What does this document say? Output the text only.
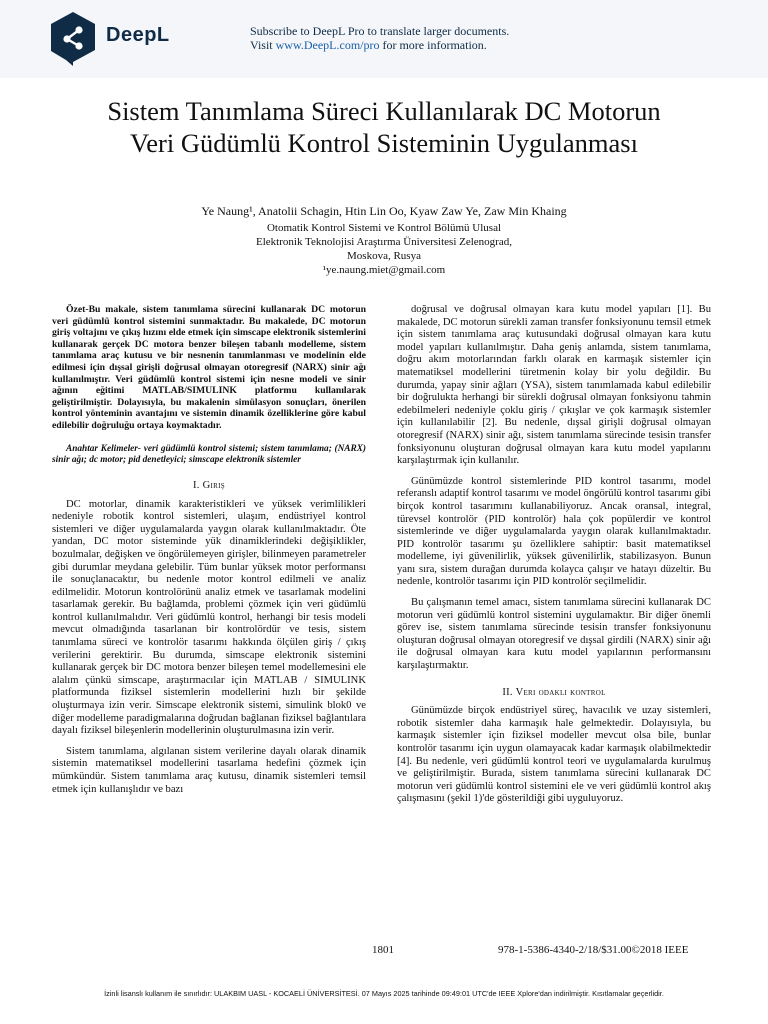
DeepL	Subscribe to DeepL Pro to translate larger documents.
Visit www.DeepL.com/pro for more information.
Sistem Tanımlama Süreci Kullanılarak DC Motorun
Veri Güdümlü Kontrol Sisteminin Uygulanması
Ye Naung¹, Anatolii Schagin, Htin Lin Oo, Kyaw Zaw Ye, Zaw Min Khaing
Otomatik Kontrol Sistemi ve Kontrol Bölümü Ulusal
Elektronik Teknolojisi Araştırma Üniversitesi Zelenograd,
Moskova, Rusya
¹ye.naung.miet@gmail.com

Özet-Bu makale, sistem tanımlama sürecini kullanarak DC motorun veri güdümlü kontrol sistemini sunmaktadır. Bu makalede, DC motorun giriş voltajını ve çıkış hızını elde etmek için simscape elektronik sistemlerini kullanarak gerçek DC motora benzer bileşen tabanlı modelleme, sistem tanımlama araç kutusu ve bir nesnenin tanımlanması ve modelinin elde edilmesi için dışsal girişli doğrusal olmayan otoregresif (NARX) sinir ağı kullanılmıştır. Veri güdümlü kontrol sistemi için nesne modeli ve sinir ağının eğitimi MATLAB/SIMULINK platformu kullanılarak geliştirilmiştir. Dolayısıyla, bu makalenin simülasyon sonuçları, önerilen kontrol yönteminin avantajını ve sistemin dinamik özelliklerine göre kabul edilebilir doğruluğu ortaya koymaktadır.

Anahtar Kelimeler- veri güdümlü kontrol sistemi; sistem tanımlama; (NARX) sinir ağı; dc motor; pid denetleyici; simscape elektronik sistemler

I. Giriş

DC motorlar, dinamik karakteristikleri ve yüksek verimlilikleri nedeniyle robotik kontrol sistemleri, ulaşım, endüstriyel kontrol sistemleri ve diğer uygulamalarda yaygın olarak kullanılmaktadır. Öte yandan, DC motor sisteminde yük dinamiklerindeki değişiklikler, bozulmalar, değişken ve öngörülemeyen girişler, bilinmeyen parametreler gibi durumlar meydana gelebilir. Tüm bunlar yüksek motor performansı ile sonuçlanacaktır, bu nedenle motor kontrol edilmeli ve analiz edilmelidir. Motorun kontrolörünü analiz etmek ve tasarlamak modelini tasarlamak gerekir. Bu bağlamda, problemi çözmek için veri güdümlü kontrol kullanılmalıdır. Veri güdümlü kontrol, herhangi bir tesis modeli mevcut olmadığında tasarlanan bir kontrolördür ve tesis, sistem tanımlama süreci ve kontrolör tasarımı hakkında ölçülen giriş / çıkış verilerini gerektirir. Bu durumda, simscape elektronik sistemini kullanarak gerçek bir DC motora benzer bileşen temel modellemesini ele alalım çünkü simscape, araştırmacılar için MATLAB / SIMULINK platformunda fiziksel sistemlerin modellerini hızlı bir şekilde oluşturmaya izin verir. Simscape elektronik sistemi, simulink blok0 ve diğer modelleme paradigmalarına doğrudan bağlanan fiziksel bağlantılara dayalı fiziksel bileşenlerin modellerinin oluşturulmasına izin verir.

Sistem tanımlama, algılanan sistem verilerine dayalı olarak dinamik sistemin matematiksel modellerini tasarlama hedefini çözmek için mümkündür. Sistem tanımlama araç kutusu, dinamik sistemleri temsil etmek için kullanışlıdır ve bazı

doğrusal ve doğrusal olmayan kara kutu model yapıları [1]. Bu makalede, DC motorun sürekli zaman transfer fonksiyonunu temsil etmek için sistem tanımlama araç kutusundaki doğrusal olmayan kara kutu model yapıları kullanılmıştır. Daha geniş anlamda, sistem tanımlama, doğru akım motorlarından farklı olarak en karmaşık sistemler için matematiksel modellerini türetmenin kolay bir yolu değildir. Bu durumda, yapay sinir ağları (YSA), sistem tanımlamada kabul edilebilir bir doğrulukta herhangi bir sürekli doğrusal olmayan fonksiyonu tahmin edebilmeleri nedeniyle çoklu giriş / çıkışlar ve çok karmaşık sistemler için kullanılabilir [2]. Bu nedenle, dışsal girişli doğrusal olmayan otoregresif (NARX) sinir ağı, sistem tanımlama sürecinde tesisin transfer fonksiyonunu oluşturan doğrusal olmayan kara kutu model yapılarını karşılaştırmak için kullanılır.

Günümüzde kontrol sistemlerinde PID kontrol tasarımı, model referanslı adaptif kontrol tasarımı ve model öngörülü kontrol tasarımı gibi birçok kontrol tasarımını kullanabiliyoruz. Ancak oransal, integral, türevsel kontrolör (PID kontrolör) hala çok popülerdir ve kontrol sistemlerinde ve diğer uygulamalarda yaygın olarak kullanılmaktadır. PID kontrolör tasarımı şu özelliklere sahiptir: basit matematiksel modelleme, iyi güvenilirlik, yüksek güvenilirlik, stabilizasyon. Bunun yanı sıra, sistem durağan durumda kolayca çalışır ve hatayı düzeltir. Bu nedenle, kontrolör tasarımı için PID kontrolör seçilmelidir.

Bu çalışmanın temel amacı, sistem tanımlama sürecini kullanarak DC motorun veri güdümlü kontrol sistemini uygulamaktır. Bir diğer önemli görev ise, sistem tanımlama sürecinde tesisin transfer fonksiyonunu oluşturan doğrusal olmayan otoregresif ve dışsal girdili (NARX) sinir ağı ile doğrusal olmayan kara kutu model yapılarının performansını karşılaştırmaktır.

II. Veri odakli kontrol

Günümüzde birçok endüstriyel süreç, havacılık ve uzay sistemleri, robotik sistemler daha karmaşık hale gelmektedir. Dolayısıyla, bu karmaşık sistemler için fiziksel modeller mevcut olsa bile, bunlar kontrolör tasarımı için uygun olamayacak kadar karmaşık olabilmektedir [4]. Bu nedenle, veri güdümlü kontrol teori ve uygulamalarda kurulmuş ve geliştirilmiştir. Burada, sistem tanımlama sürecini kullanarak DC motorun veri güdümlü kontrol sistemini ele ve veri güdümlü kontrol akış çalışmasını (şekil 1)'de gösterildiği gibi uyguluyoruz.

1801	978-1-5386-4340-2/18/$31.00©2018 IEEE
İzinli lisanslı kullanım ile sınırlıdır: ULAKBIM UASL - KOCAELİ ÜNİVERSİTESİ. 07 Mayıs 2025 tarihinde 09:49:01 UTC'de IEEE Xplore'dan indirilmiştir. Kısıtlamalar geçerlidir.
